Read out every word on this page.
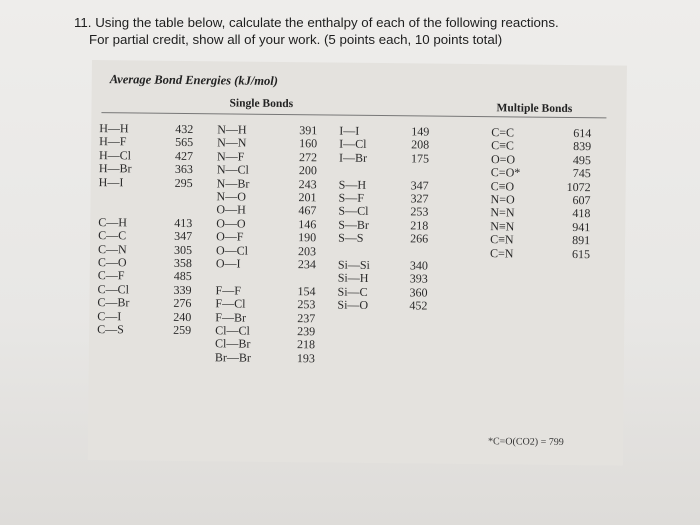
11. Using the table below, calculate the enthalpy of each of the following reactions.
For partial credit, show all of your work. (5 points each, 10 points total)
Average Bond Energies (kJ/mol)
Single Bonds	Multiple Bonds
*C=O(CO2) = 799
H—H	432
H—F	565
H—Cl	427
H—Br	363
H—I	295
C—H	413
C—C	347
C—N	305
C—O	358
C—F	485
C—Cl	339
C—Br	276
C—I	240
C—S	259
N—H	391
N—N	160
N—F	272
N—Cl	200
N—Br	243
N—O	201
O—H	467
O—O	146
O—F	190
O—Cl	203
O—I	234
F—F	154
F—Cl	253
F—Br	237
Cl—Cl	239
Cl—Br	218
Br—Br	193
I—I	149
I—Cl	208
I—Br	175
S—H	347
S—F	327
S—Cl	253
S—Br	218
S—S	266
Si—Si	340
Si—H	393
Si—C	360
Si—O	452
C=C	614
C≡C	839
O=O	495
C=O*	745
C≡O	1072
N=O	607
N=N	418
N≡N	941
C≡N	891
C=N	615
